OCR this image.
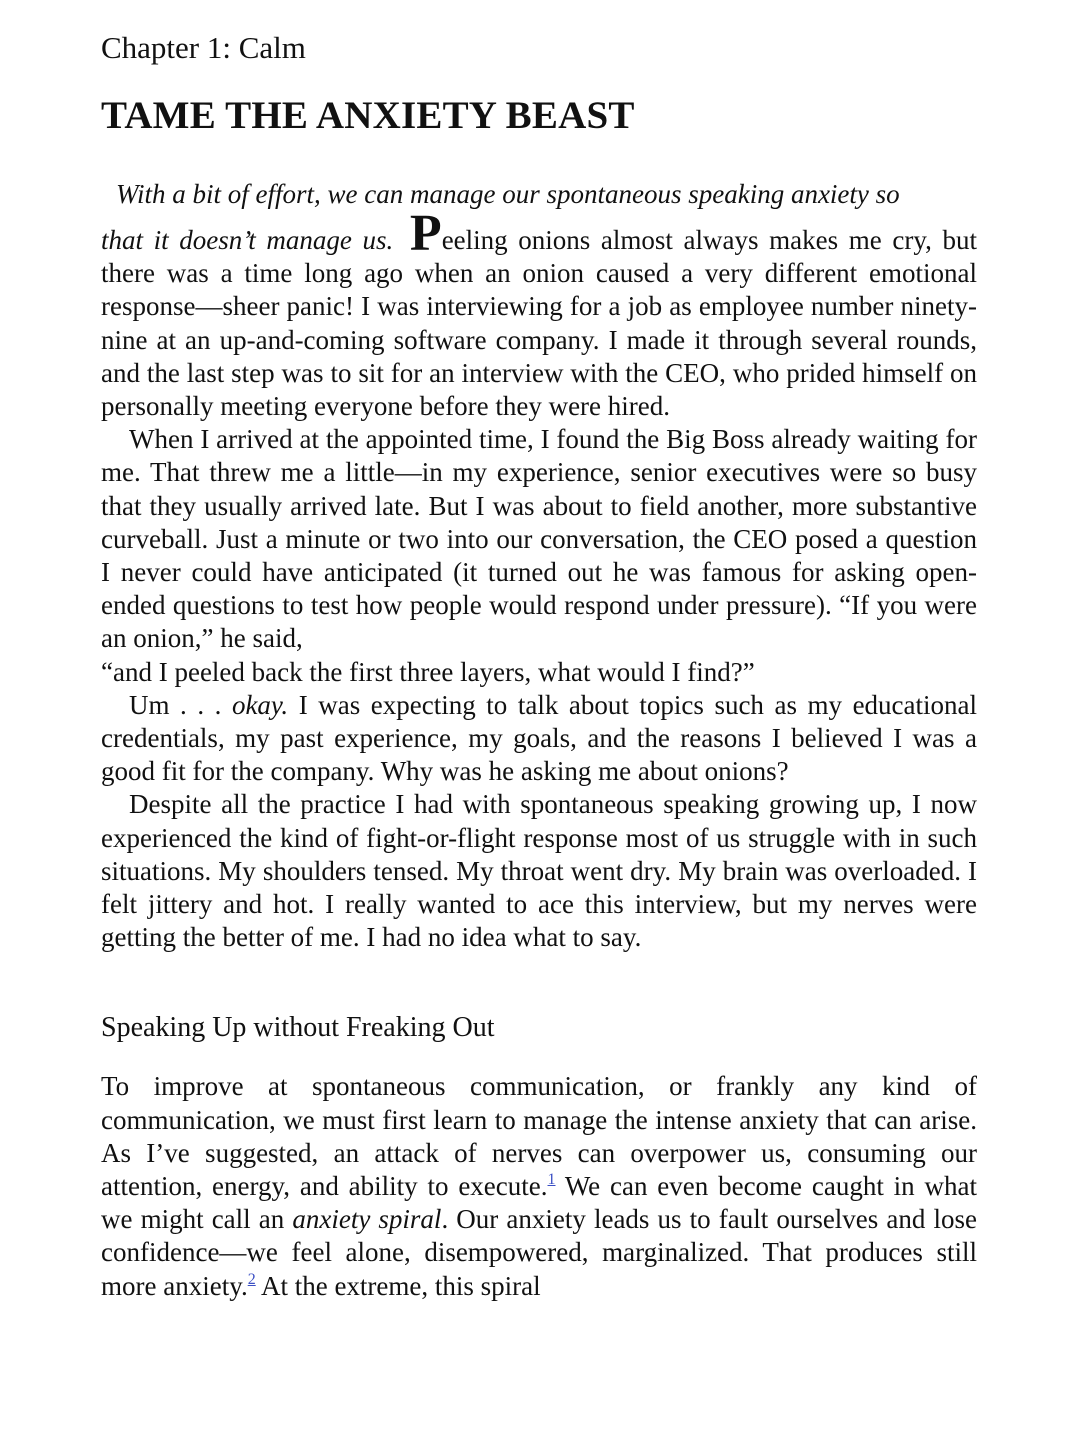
Chapter 1: Calm
TAME THE ANXIETY BEAST

With a bit of effort, we can manage our spontaneous speaking anxiety so

that it doesn’t manage us. Peeling onions almost always makes me cry, but there was a time long ago when an onion caused a very different emotional response—sheer panic! I was interviewing for a job as employee number ninety-nine at an up-and-coming software company. I made it through several rounds, and the last step was to sit for an interview with the CEO, who prided himself on personally meeting everyone before they were hired.

When I arrived at the appointed time, I found the Big Boss already waiting for me. That threw me a little—in my experience, senior executives were so busy that they usually arrived late. But I was about to field another, more substantive curveball. Just a minute or two into our conversation, the CEO posed a question I never could have anticipated (it turned out he was famous for asking open-ended questions to test how people would respond under pressure). “If you were an onion,” he said,

“and I peeled back the first three layers, what would I find?”

Um . . . okay. I was expecting to talk about topics such as my educational credentials, my past experience, my goals, and the reasons I believed I was a good fit for the company. Why was he asking me about onions?

Despite all the practice I had with spontaneous speaking growing up, I now experienced the kind of fight-or-flight response most of us struggle with in such situations. My shoulders tensed. My throat went dry. My brain was overloaded. I felt jittery and hot. I really wanted to ace this interview, but my nerves were getting the better of me. I had no idea what to say.

Speaking Up without Freaking Out

To improve at spontaneous communication, or frankly any kind of communication, we must first learn to manage the intense anxiety that can arise. As I’ve suggested, an attack of nerves can overpower us, consuming our attention, energy, and ability to execute.$^1$ We can even become caught in what we might call an anxiety spiral. Our anxiety leads us to fault ourselves and lose confidence—we feel alone, disempowered, marginalized. That produces still more anxiety.$^2$ At the extreme, this spiral
